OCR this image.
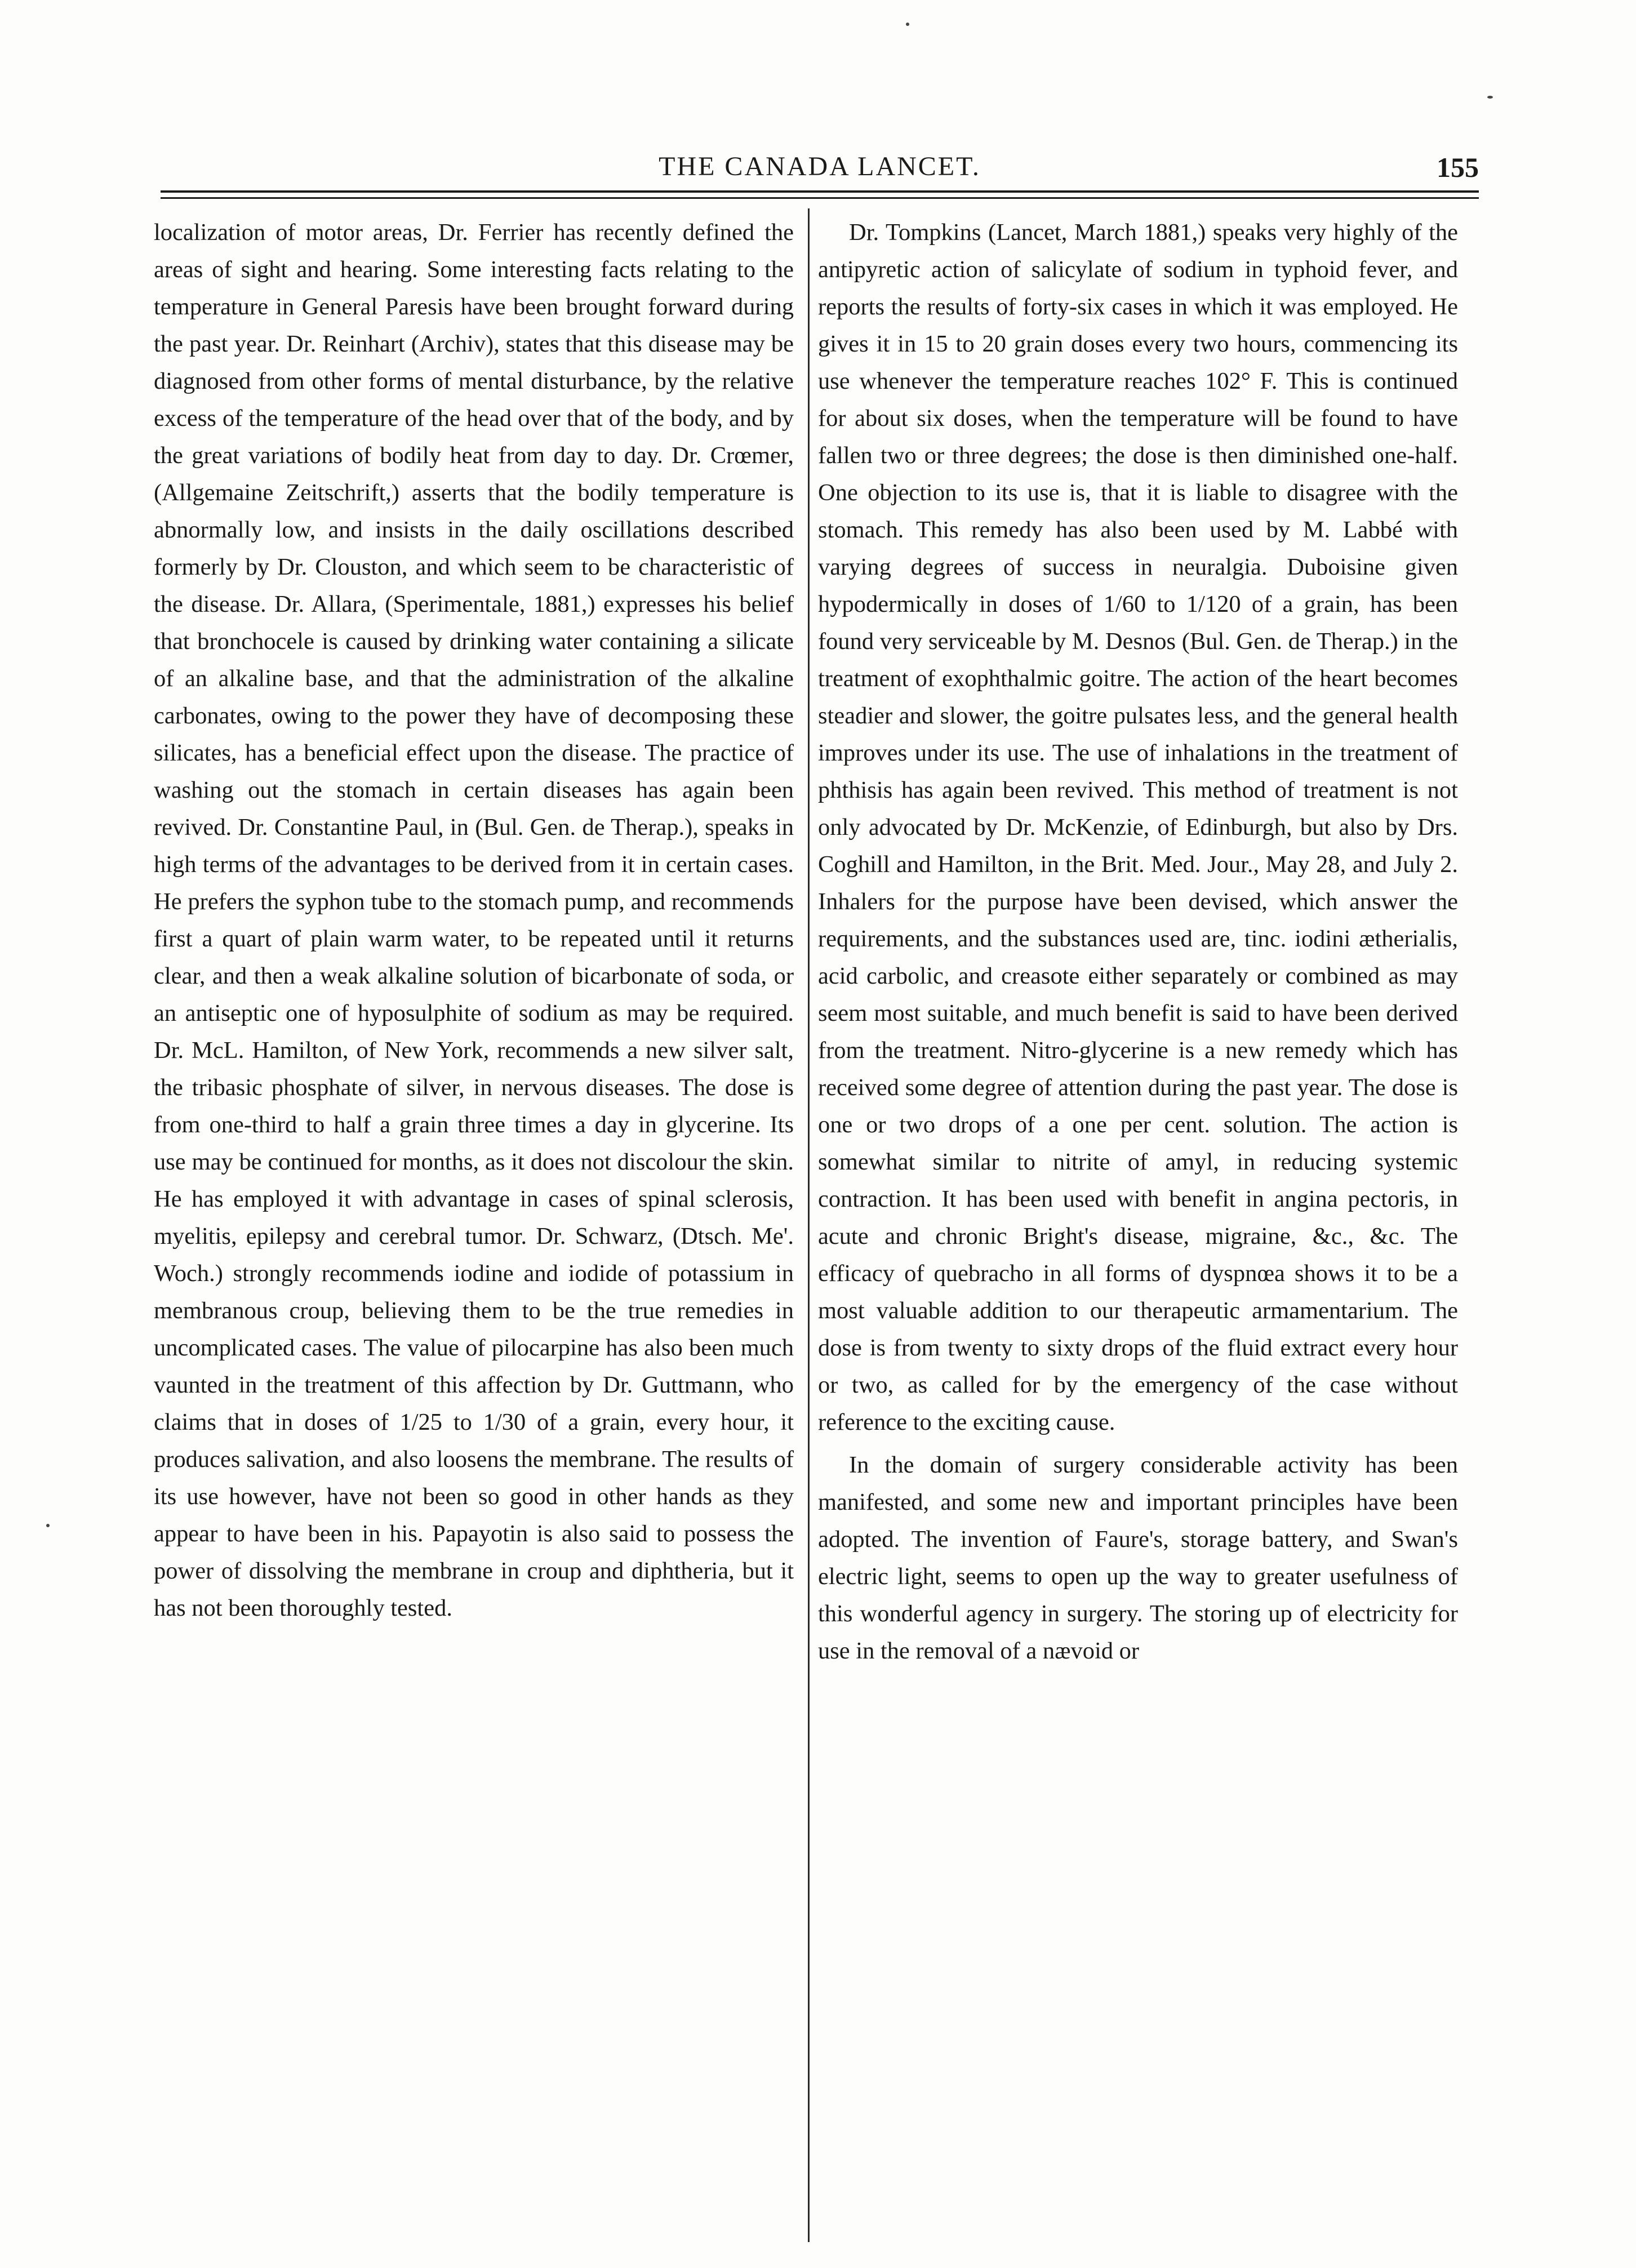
THE CANADA LANCET.	155

localization of motor areas, Dr. Ferrier has recently defined the areas of sight and hearing. Some interesting facts relating to the temperature in General Paresis have been brought forward during the past year. Dr. Reinhart (Archiv), states that this disease may be diagnosed from other forms of mental disturbance, by the relative excess of the temperature of the head over that of the body, and by the great variations of bodily heat from day to day. Dr. Crœmer, (Allgemaine Zeitschrift,) asserts that the bodily temperature is abnormally low, and insists in the daily oscillations described formerly by Dr. Clouston, and which seem to be characteristic of the disease. Dr. Allara, (Sperimentale, 1881,) expresses his belief that bronchocele is caused by drinking water containing a silicate of an alkaline base, and that the administration of the alkaline carbonates, owing to the power they have of decomposing these silicates, has a beneficial effect upon the disease. The practice of washing out the stomach in certain diseases has again been revived. Dr. Constantine Paul, in (Bul. Gen. de Therap.), speaks in high terms of the advantages to be derived from it in certain cases. He prefers the syphon tube to the stomach pump, and recommends first a quart of plain warm water, to be repeated until it returns clear, and then a weak alkaline solution of bicarbonate of soda, or an antiseptic one of hyposulphite of sodium as may be required. Dr. McL. Hamilton, of New York, recommends a new silver salt, the tribasic phosphate of silver, in nervous diseases. The dose is from one-third to half a grain three times a day in glycerine. Its use may be continued for months, as it does not discolour the skin. He has employed it with advantage in cases of spinal sclerosis, myelitis, epilepsy and cerebral tumor. Dr. Schwarz, (Dtsch. Me'. Woch.) strongly recommends iodine and iodide of potassium in membranous croup, believing them to be the true remedies in uncomplicated cases. The value of pilocarpine has also been much vaunted in the treatment of this affection by Dr. Guttmann, who claims that in doses of 1/25 to 1/30 of a grain, every hour, it produces salivation, and also loosens the membrane. The results of its use however, have not been so good in other hands as they appear to have been in his. Papayotin is also said to possess the power of dissolving the membrane in croup and diphtheria, but it has not been thoroughly tested.

Dr. Tompkins (Lancet, March 1881,) speaks very highly of the antipyretic action of salicylate of sodium in typhoid fever, and reports the results of forty-six cases in which it was employed. He gives it in 15 to 20 grain doses every two hours, commencing its use whenever the temperature reaches 102° F. This is continued for about six doses, when the temperature will be found to have fallen two or three degrees; the dose is then diminished one-half. One objection to its use is, that it is liable to disagree with the stomach. This remedy has also been used by M. Labbé with varying degrees of success in neuralgia. Duboisine given hypodermically in doses of 1/60 to 1/120 of a grain, has been found very serviceable by M. Desnos (Bul. Gen. de Therap.) in the treatment of exophthalmic goitre. The action of the heart becomes steadier and slower, the goitre pulsates less, and the general health improves under its use. The use of inhalations in the treatment of phthisis has again been revived. This method of treatment is not only advocated by Dr. McKenzie, of Edinburgh, but also by Drs. Coghill and Hamilton, in the Brit. Med. Jour., May 28, and July 2. Inhalers for the purpose have been devised, which answer the requirements, and the substances used are, tinc. iodini ætherialis, acid carbolic, and creasote either separately or combined as may seem most suitable, and much benefit is said to have been derived from the treatment. Nitro-glycerine is a new remedy which has received some degree of attention during the past year. The dose is one or two drops of a one per cent. solution. The action is somewhat similar to nitrite of amyl, in reducing systemic contraction. It has been used with benefit in angina pectoris, in acute and chronic Bright's disease, migraine, &c., &c. The efficacy of quebracho in all forms of dyspnœa shows it to be a most valuable addition to our therapeutic armamentarium. The dose is from twenty to sixty drops of the fluid extract every hour or two, as called for by the emergency of the case without reference to the exciting cause.

In the domain of surgery considerable activity has been manifested, and some new and important principles have been adopted. The invention of Faure's, storage battery, and Swan's electric light, seems to open up the way to greater usefulness of this wonderful agency in surgery. The storing up of electricity for use in the removal of a nævoid or
